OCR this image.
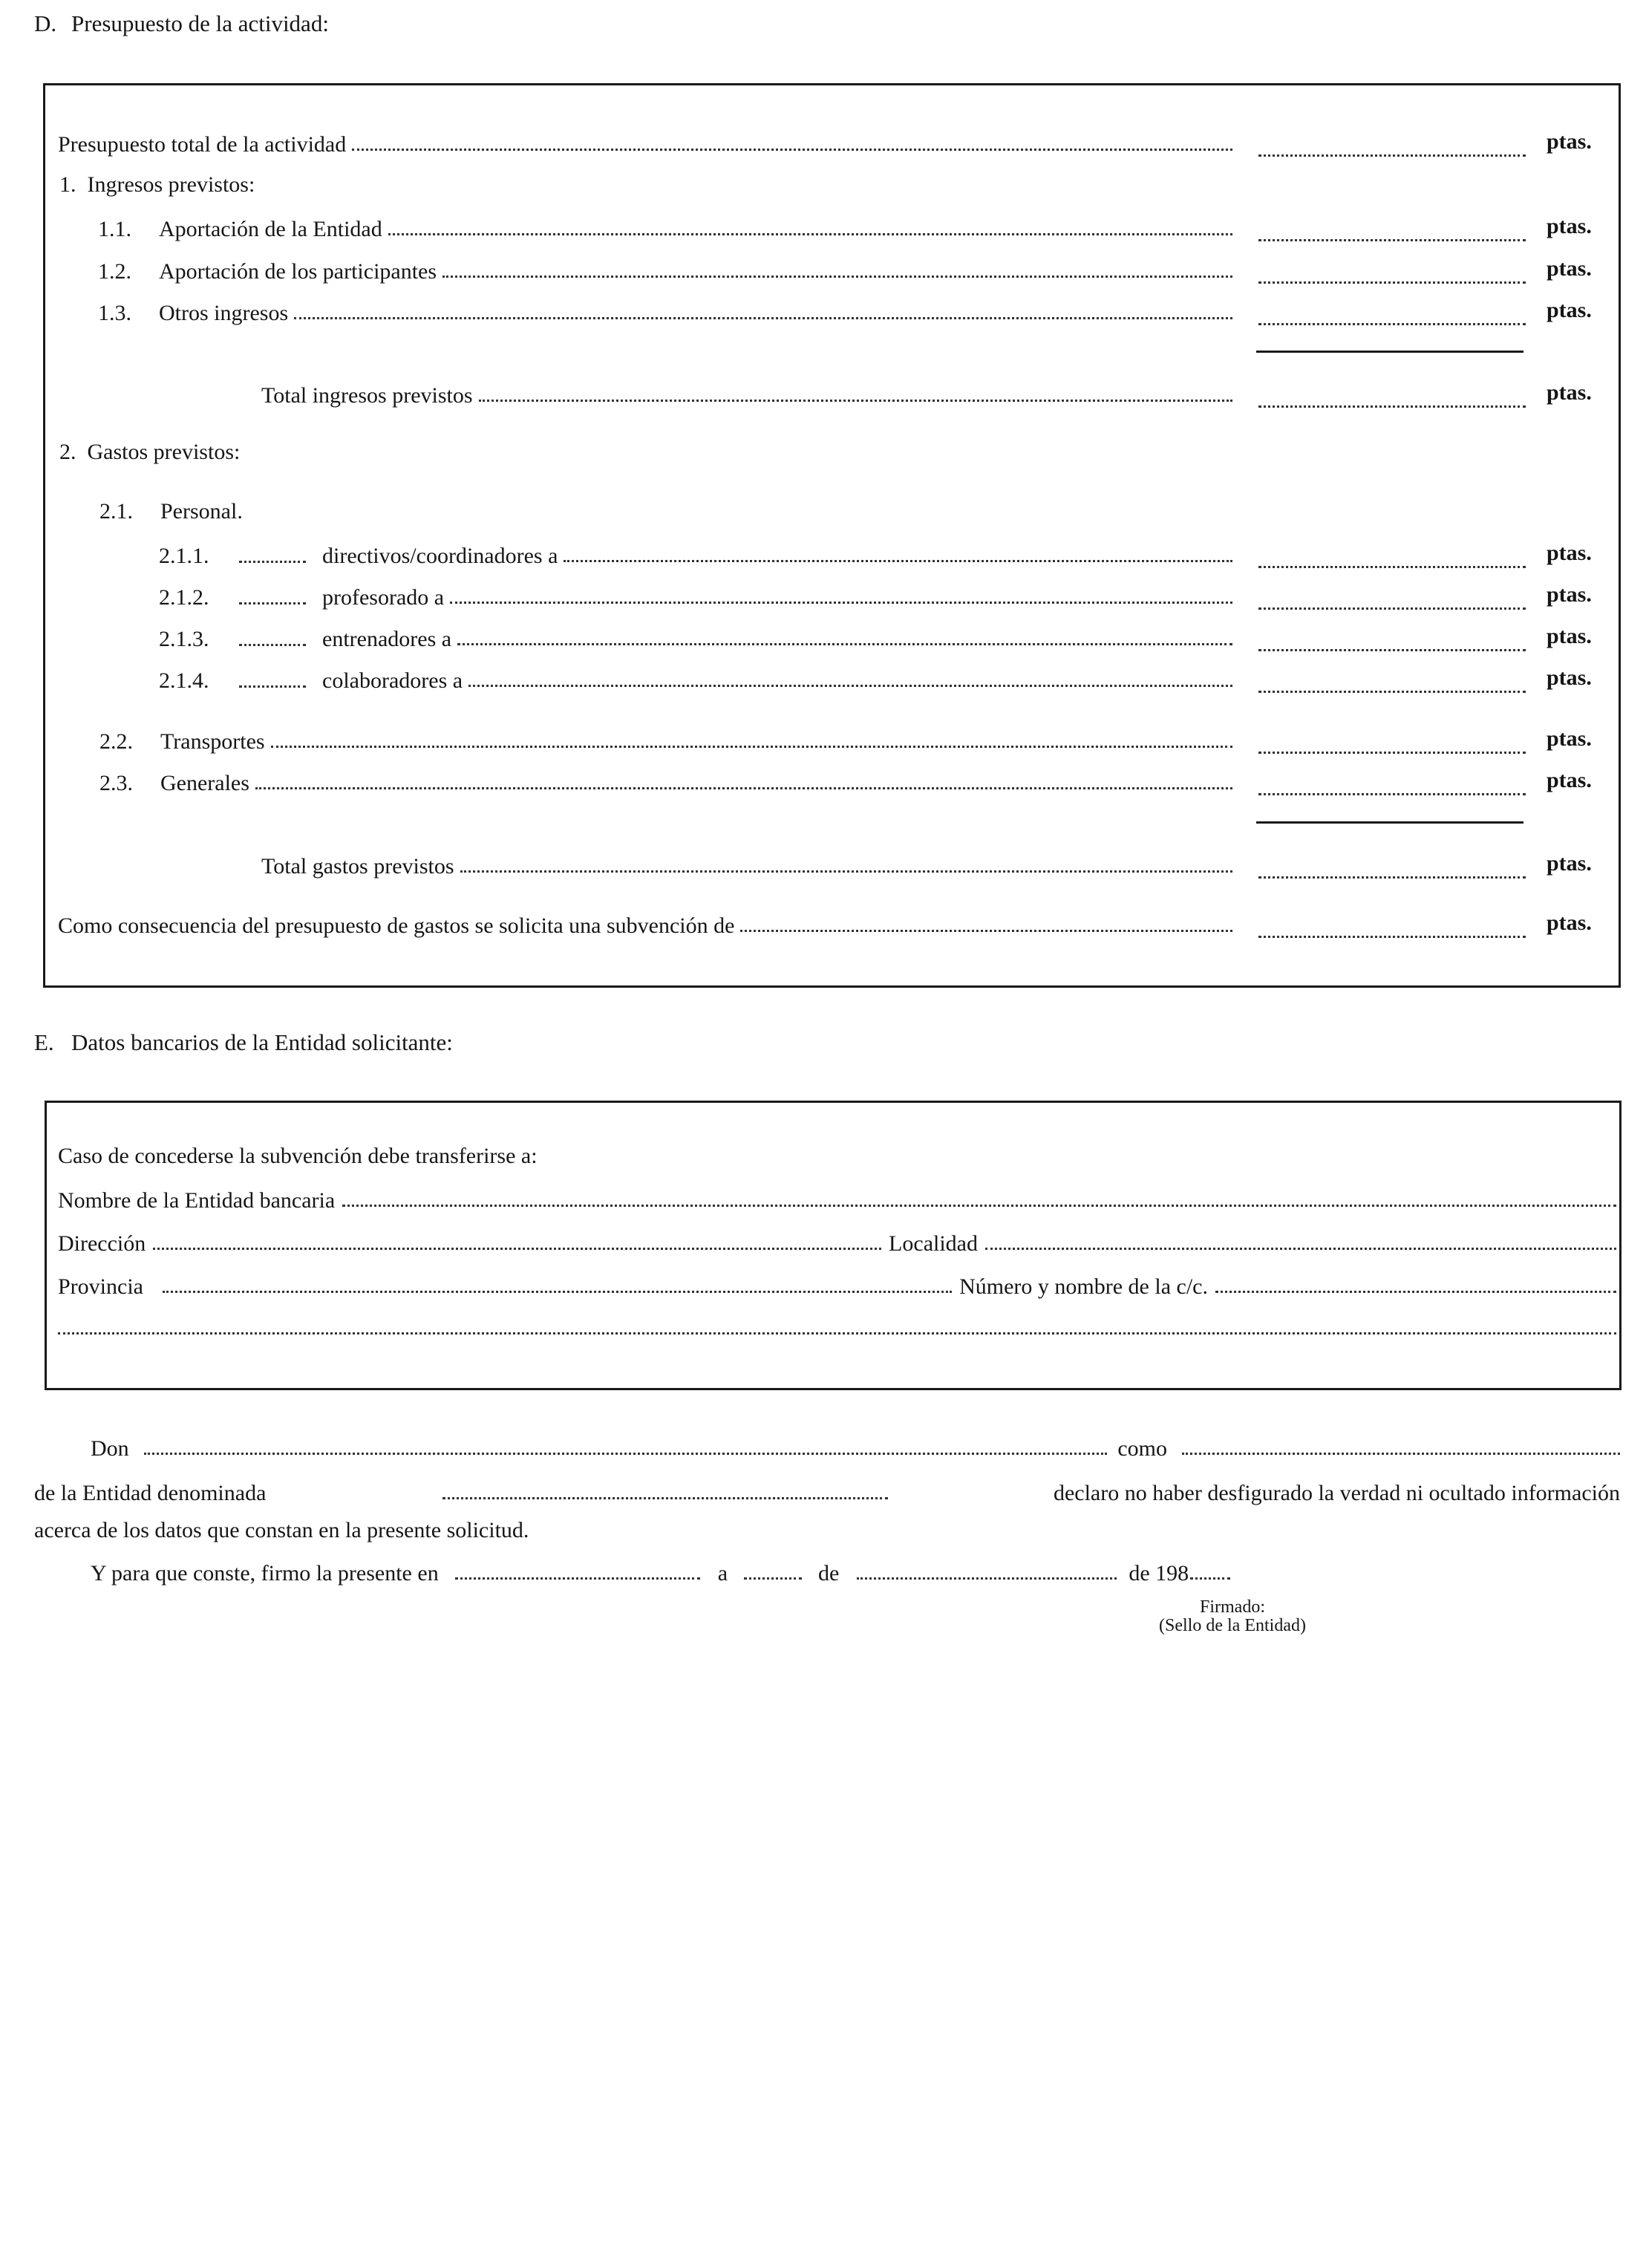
D. Presupuesto de la actividad:
Presupuesto total de la actividad	ptas.
1. Ingresos previstos:
1.1. Aportación de la Entidad	ptas.
1.2. Aportación de los participantes	ptas.
1.3. Otros ingresos	ptas.
Total ingresos previstos	ptas.
2. Gastos previstos:
2.1. Personal.
2.1.1.	directivos/coordinadores a	ptas.
2.1.2.	profesorado a	ptas.
2.1.3.	entrenadores a	ptas.
2.1.4.	colaboradores a	ptas.
2.2. Transportes	ptas.
2.3. Generales	ptas.
Total gastos previstos	ptas.
Como consecuencia del presupuesto de gastos se solicita una subvención de	ptas.
E. Datos bancarios de la Entidad solicitante:
Caso de concederse la subvención debe transferirse a:
Nombre de la Entidad bancaria
Dirección	Localidad
Provincia	Número y nombre de la c/c.
Don	como
de la Entidad denominada	declaro no haber desfigurado la verdad ni ocultado información
acerca de los datos que constan en la presente solicitud.
Y para que conste, firmo la presente en	a	de	de 198
Firmado:
(Sello de la Entidad)
